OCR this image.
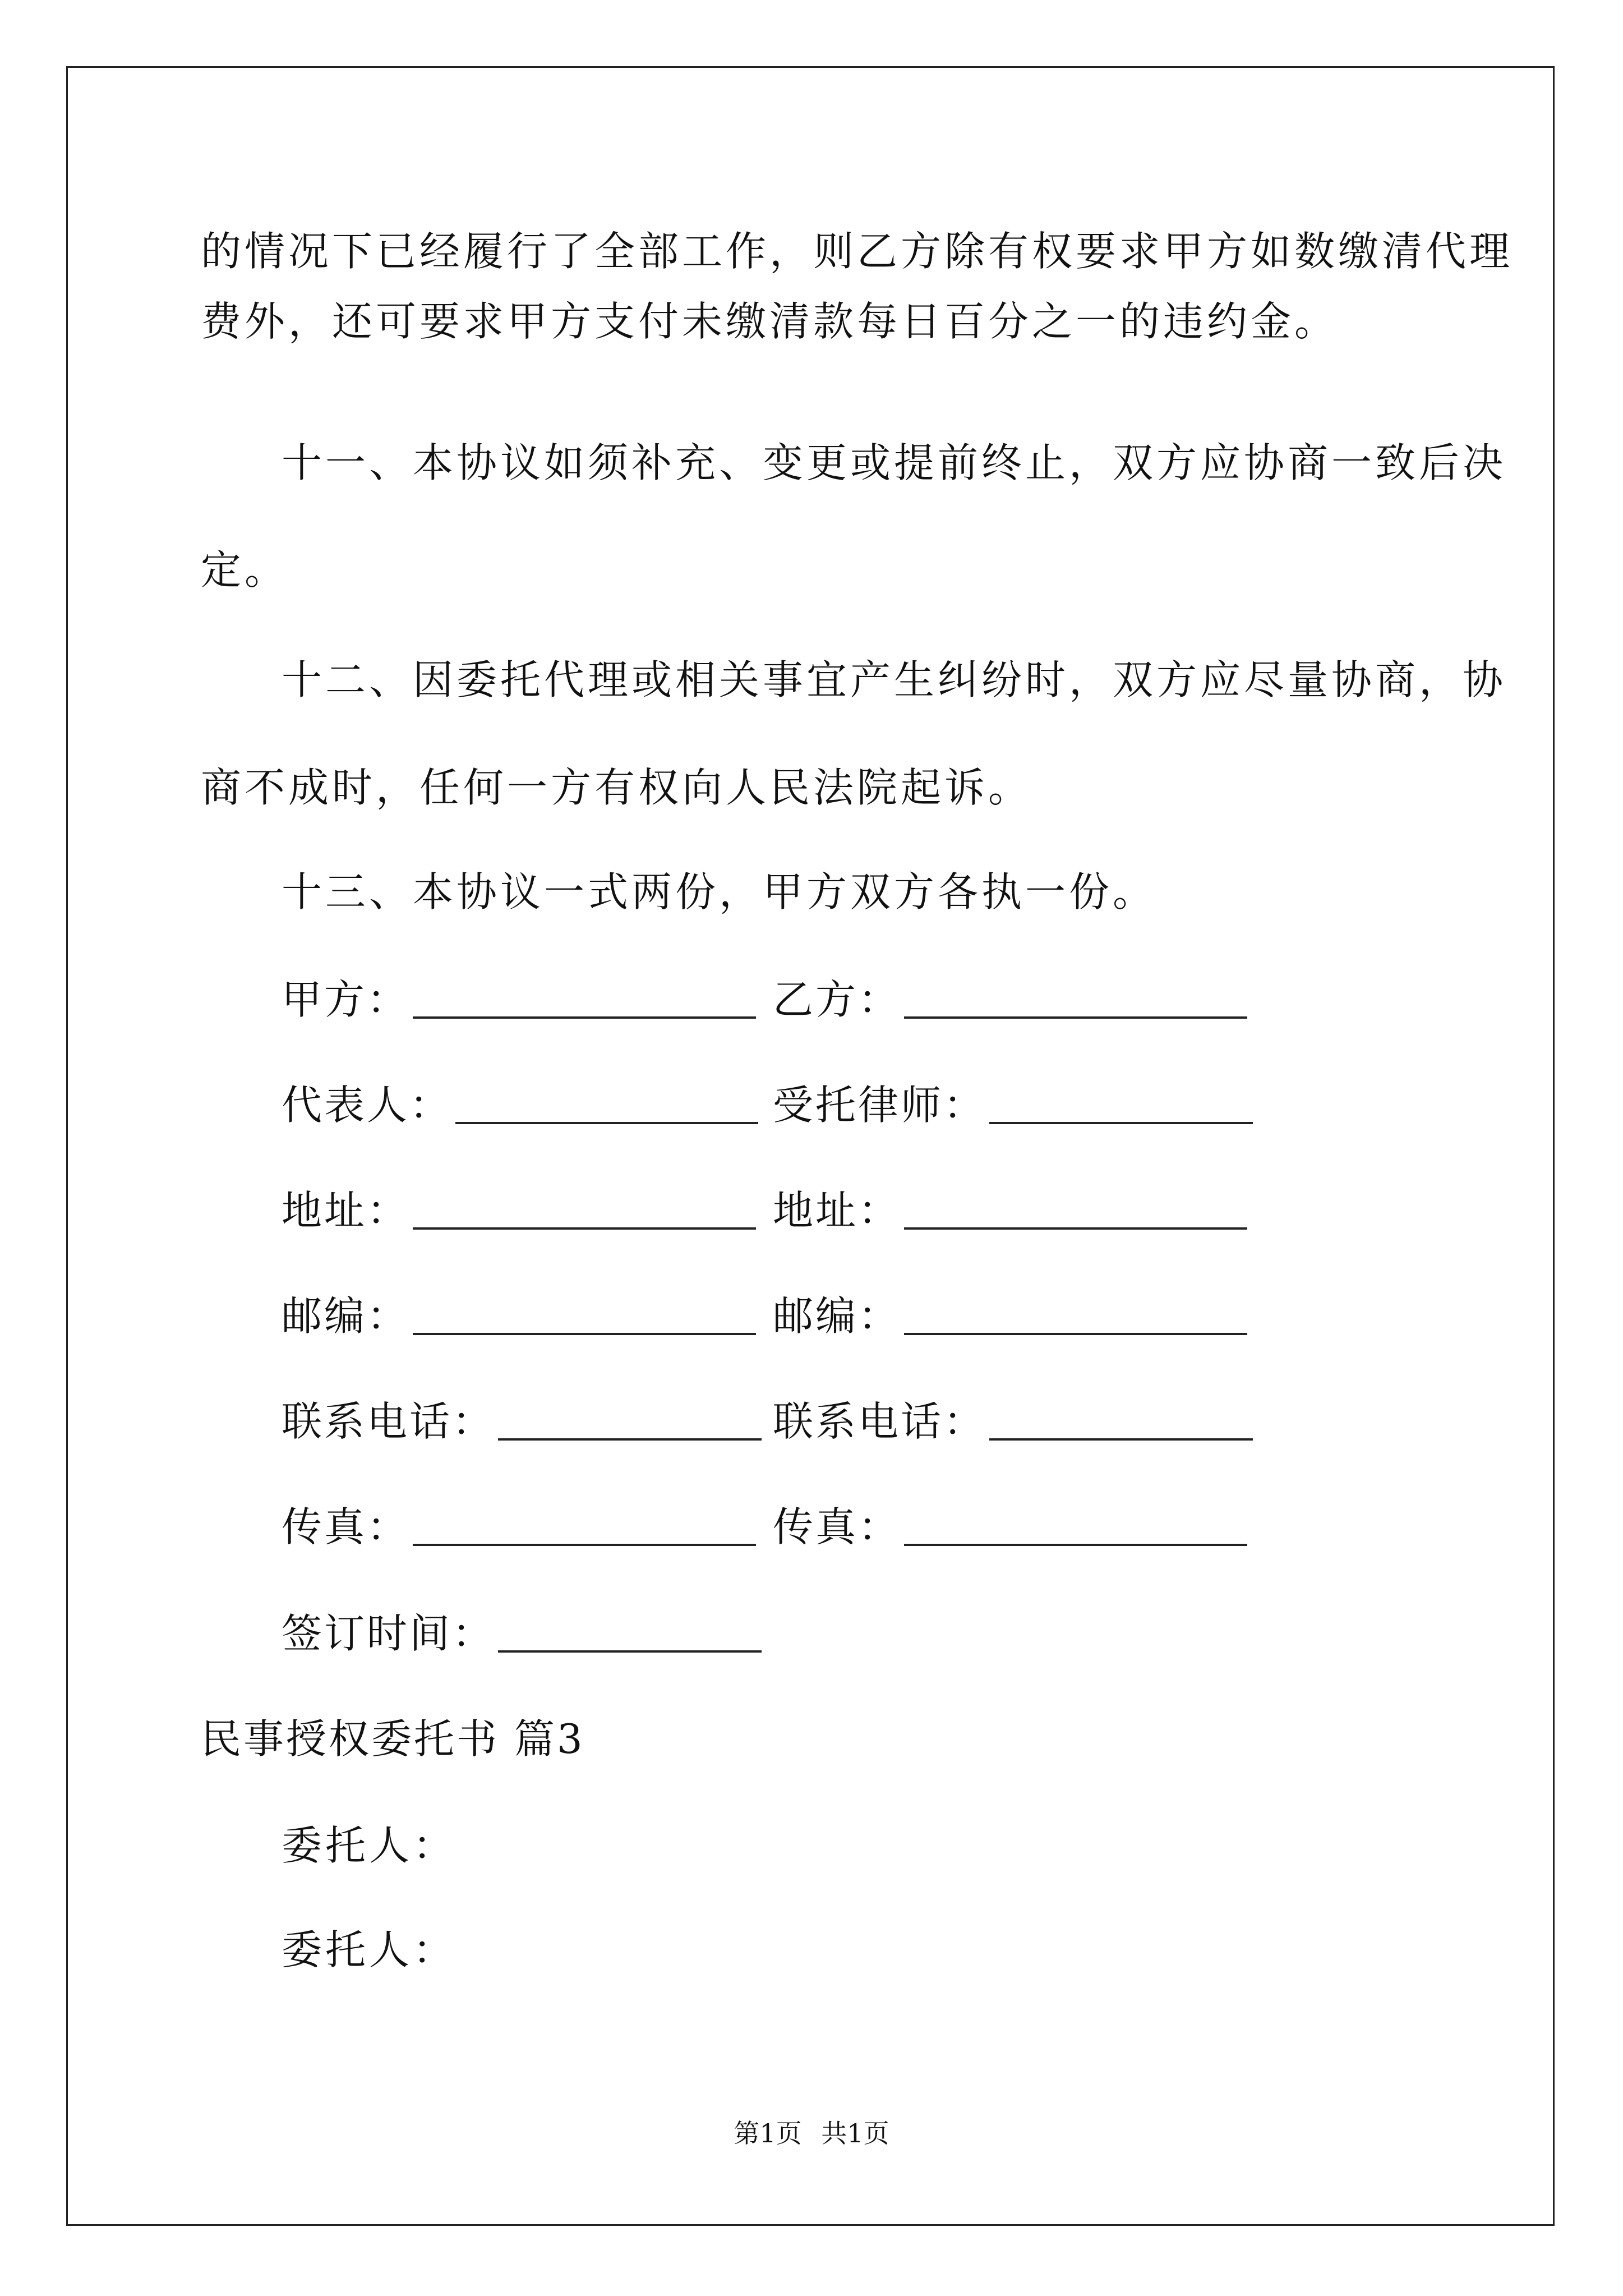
的情况下已经履行了全部工作，则乙方除有权要求甲方如数缴清代理
费外，还可要求甲方支付未缴清款每日百分之一的违约金。
十一、本协议如须补充、变更或提前终止，双方应协商一致后决
定。
十二、因委托代理或相关事宜产生纠纷时，双方应尽量协商，协
商不成时，任何一方有权向人民法院起诉。
十三、本协议一式两份，甲方双方各执一份。
甲方：	乙方：
代表人：	受托律师：
地址：	地址：
邮编：	邮编：
联系电话：	联系电话：
传真：	传真：
签订时间：
民事授权委托书 篇3
委托人：
委托人：
第1页 共1页
